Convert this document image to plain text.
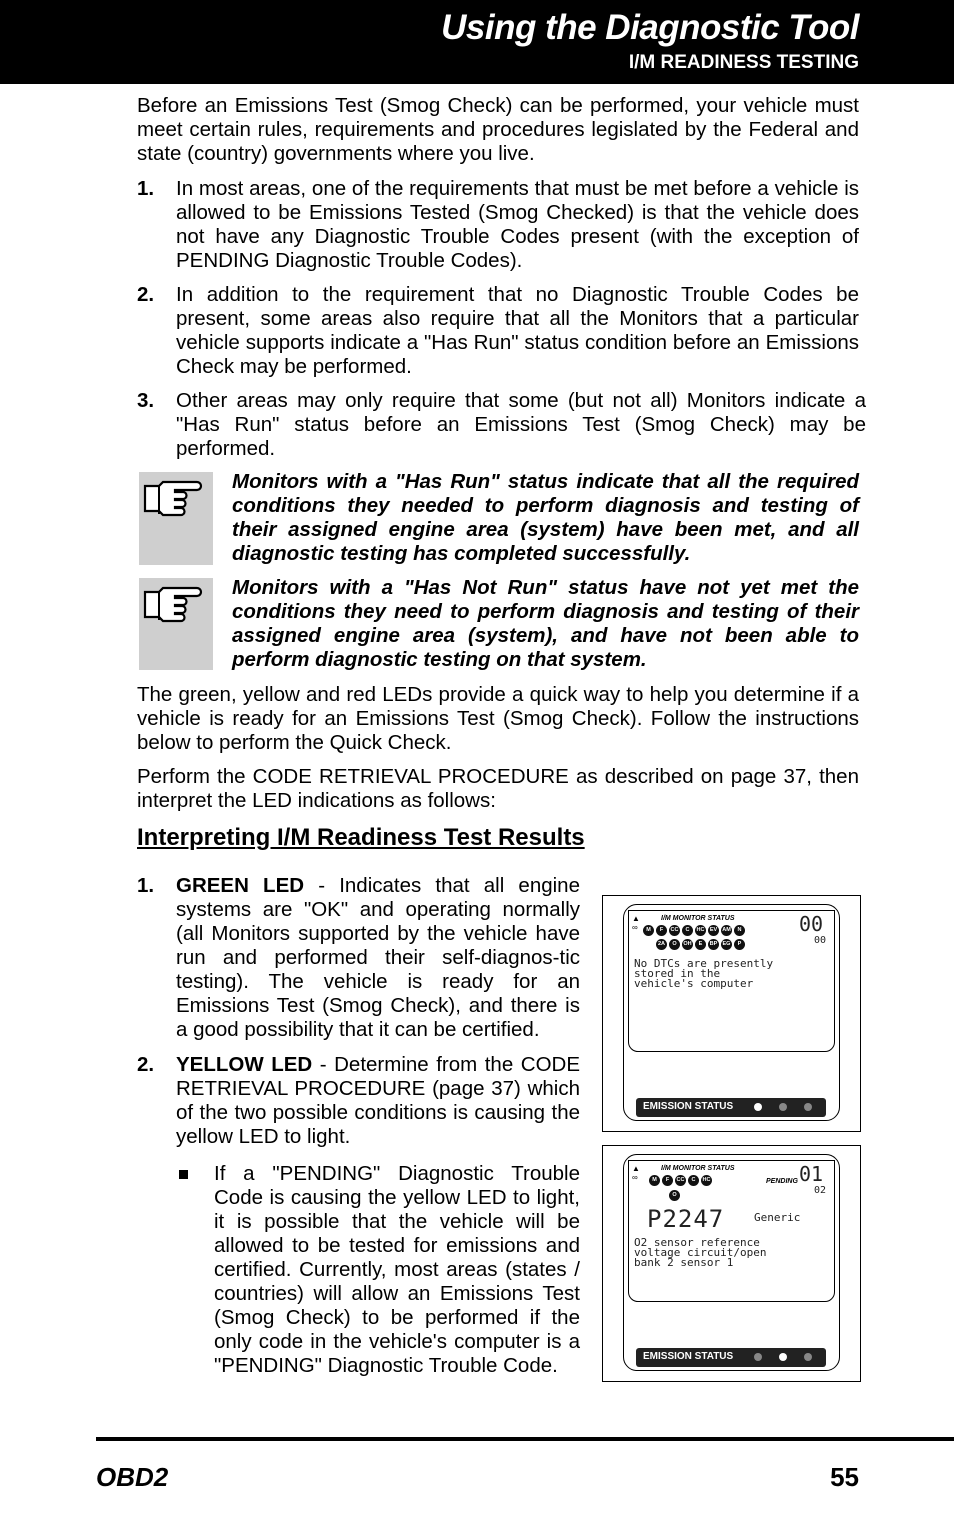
Using the Diagnostic Tool
I/M READINESS TESTING
Before an Emissions Test (Smog Check) can be performed, your vehicle must meet certain rules, requirements and procedures legislated by the Federal and state (country) governments where you live.
1. In most areas, one of the requirements that must be met before a vehicle is allowed to be Emissions Tested (Smog Checked) is that the vehicle does not have any Diagnostic Trouble Codes present (with the exception of PENDING Diagnostic Trouble Codes).
2. In addition to the requirement that no Diagnostic Trouble Codes be present, some areas also require that all the Monitors that a particular vehicle supports indicate a "Has Run" status condition before an Emissions Check may be performed.
3. Other areas may only require that some (but not all) Monitors indicate a "Has Run" status before an Emissions Test (Smog Check) may be performed.
Monitors with a "Has Run" status indicate that all the required conditions they needed to perform diagnosis and testing of their assigned engine area (system) have been met, and all diagnostic testing has completed successfully.
Monitors with a "Has Not Run" status have not yet met the conditions they need to perform diagnosis and testing of their assigned engine area (system), and have not been able to perform diagnostic testing on that system.
The green, yellow and red LEDs provide a quick way to help you determine if a vehicle is ready for an Emissions Test (Smog Check). Follow the instructions below to perform the Quick Check.
Perform the CODE RETRIEVAL PROCEDURE as described on page 37, then interpret the LED indications as follows:
Interpreting I/M Readiness Test Results
1. GREEN LED - Indicates that all engine systems are "OK" and operating normally (all Monitors supported by the vehicle have run and performed their self-diagnos-tic testing). The vehicle is ready for an Emissions Test (Smog Check), and there is a good possibility that it can be certified.
2. YELLOW LED - Determine from the CODE RETRIEVAL PROCEDURE (page 37) which of the two possible conditions is causing the yellow LED to light.
If a "PENDING" Diagnostic Trouble Code is causing the yellow LED to light, it is possible that the vehicle will be allowed to be tested for emissions and certified. Currently, most areas (states / countries) will allow an Emissions Test (Smog Check) to be performed if the only code in the vehicle's computer is a "PENDING" Diagnostic Trouble Code.
▲
∞
I/M MONITOR STATUS
M	F	CC	C	HC EV AM	N
2A	O	OH	E	BP EG	P
00
00
No DTCs are presently
stored in the
vehicle's computer
EMISSION STATUS
▲
∞
I/M MONITOR STATUS
M	F	CC	C	HC
O
PENDING 01
02
P2247	Generic
O2 sensor reference
voltage circuit/open
bank 2 sensor 1
EMISSION STATUS
OBD2	55
